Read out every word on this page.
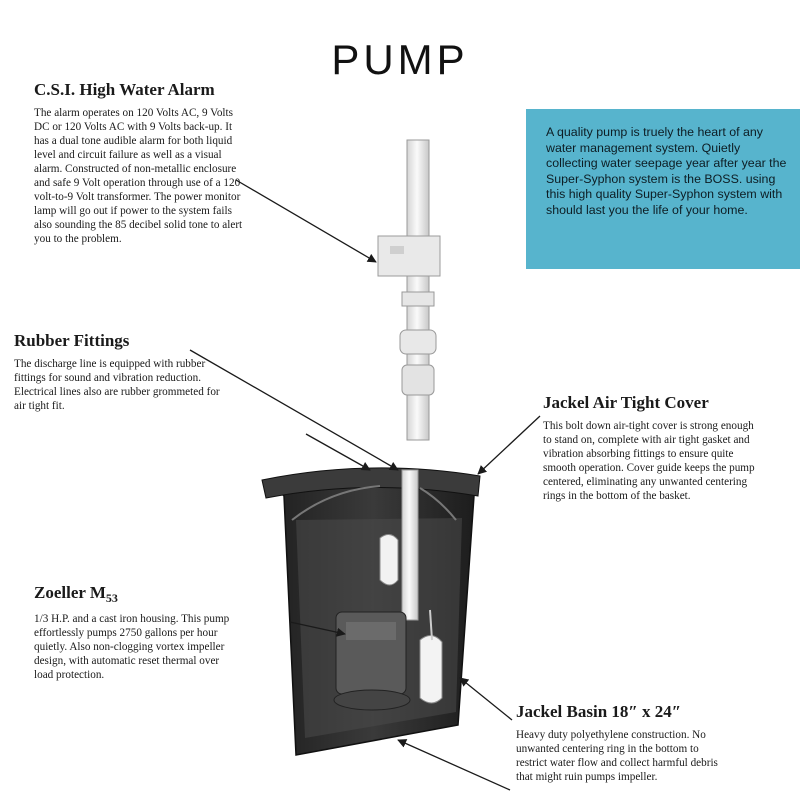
PUMP
A quality pump is truely the heart of any water management system. Quietly collecting water seepage year after year the Super-Syphon system is the BOSS. using this high quality Super-Syphon system with should last you the life of your home.
C.S.I. High Water Alarm

The alarm operates on 120 Volts AC, 9 Volts DC or 120 Volts AC with 9 Volts back-up. It has a dual tone audible alarm for both liquid level and circuit failure as well as a visual alarm. Constructed of non-metallic enclosure and safe 9 Volt operation through use of a 120 volt-to-9 Volt transformer. The power monitor lamp will go out if power to the system fails also sounding the 85 decibel solid tone to alert you to the problem.

Rubber Fittings

The discharge line is equipped with rubber fittings for sound and vibration reduction. Electrical lines also are rubber grommeted for air tight fit.	Jackel Air Tight Cover

This bolt down air-tight cover is strong enough to stand on, complete with air tight gasket and vibration absorbing fittings to ensure quite smooth operation. Cover guide keeps the pump centered, eliminating any unwanted centering rings in the bottom of the basket.

Zoeller $M_{53}$

1/3 H.P. and a cast iron housing. This pump effortlessly pumps 2750 gallons per hour quietly. Also non-clogging vortex impeller design, with automatic reset thermal over load protection.

Jackel Basin 18″ x 24″

Heavy duty polyethylene construction. No unwanted centering ring in the bottom to restrict water flow and collect harmful debris that might ruin pumps impeller.
